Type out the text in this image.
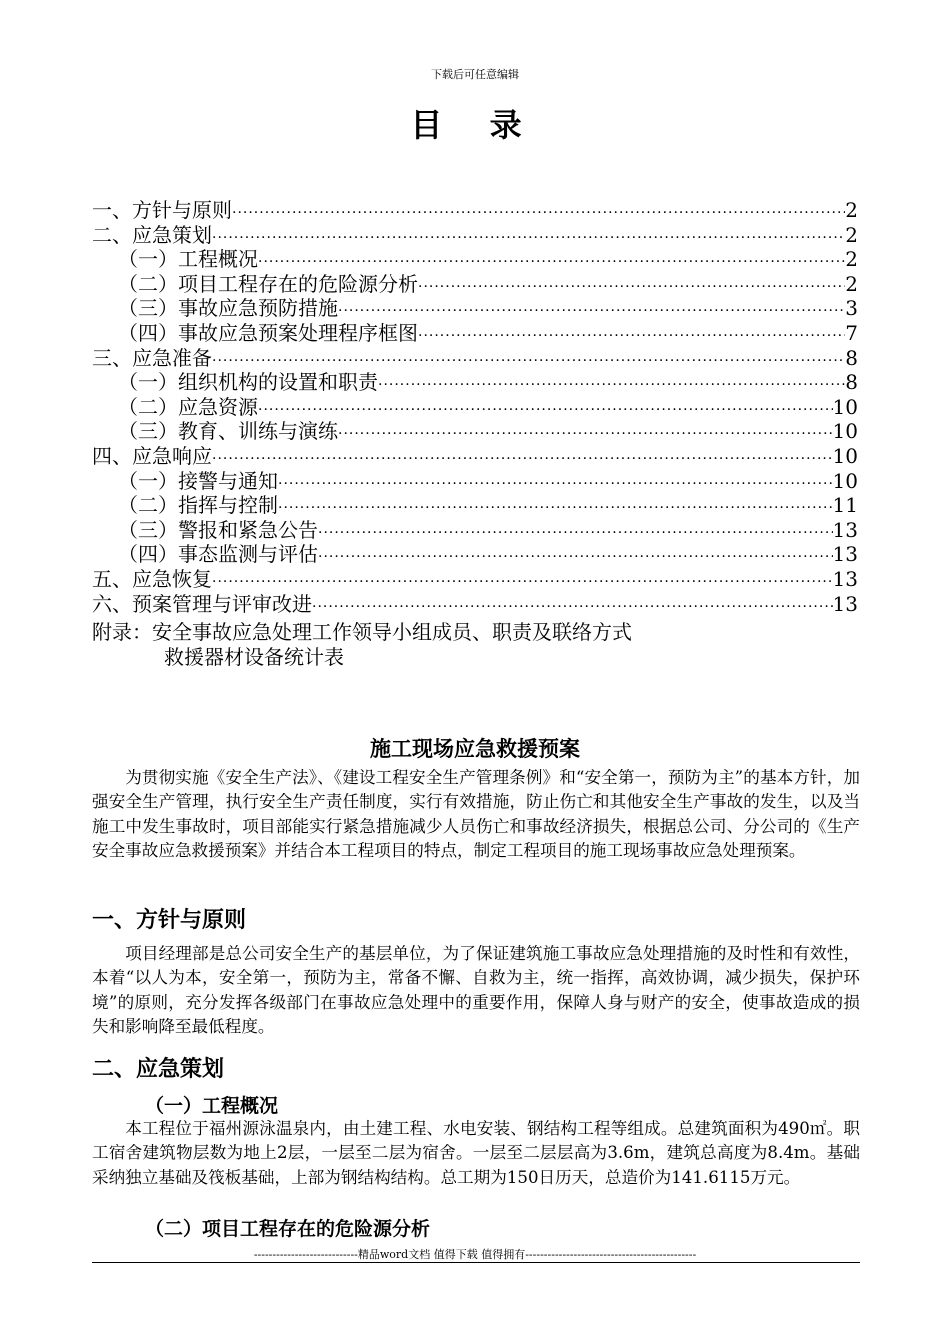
下载后可任意编辑
目 录
一、方针与原则 ·····	2
二、应急策划 ·····	2
（一）工程概况 ·····	2
（二）项目工程存在的危险源分析 ·····	2
（三）事故应急预防措施 ·····	3
（四）事故应急预案处理程序框图 ·····	7
三、应急准备 ·····	8
（一）组织机构的设置和职责 ·····	8
（二）应急资源 ·····	10
（三）教育、训练与演练 ·····	10
四、应急响应 ·····	10
（一）接警与通知 ·····	10
（二）指挥与控制 ·····	11
（三）警报和紧急公告 ·····	13
（四）事态监测与评估 ·····	13
五、应急恢复 ·····	13
六、预案管理与评审改进 ·····	13
附录：安全事故应急处理工作领导小组成员、职责及联络方式
救援器材设备统计表
施工现场应急救援预案
为贯彻实施《安全生产法》、《建设工程安全生产管理条例》和“安全第一，预防为主”的基本方针，加强安全生产管理，执行安全生产责任制度，实行有效措施，防止伤亡和其他安全生产事故的发生，以及当施工中发生事故时，项目部能实行紧急措施减少人员伤亡和事故经济损失，根据总公司、分公司的《生产安全事故应急救援预案》并结合本工程项目的特点，制定工程项目的施工现场事故应急处理预案。
一、方针与原则
项目经理部是总公司安全生产的基层单位，为了保证建筑施工事故应急处理措施的及时性和有效性，本着“以人为本，安全第一，预防为主，常备不懈、自救为主，统一指挥，高效协调，减少损失，保护环境”的原则，充分发挥各级部门在事故应急处理中的重要作用，保障人身与财产的安全，使事故造成的损失和影响降至最低程度。
二、应急策划
（一）工程概况
本工程位于福州源泳温泉内，由土建工程、水电安装、钢结构工程等组成。总建筑面积为490㎡。职工宿舍建筑物层数为地上2层，一层至二层为宿舍。一层至二层层高为3.6m，建筑总高度为8.4m。基础采纳独立基础及筏板基础，上部为钢结构结构。总工期为150日历天，总造价为141.6115万元。
（二）项目工程存在的危险源分析
----------------------------精品word文档 值得下载 值得拥有----------------------------------------------
